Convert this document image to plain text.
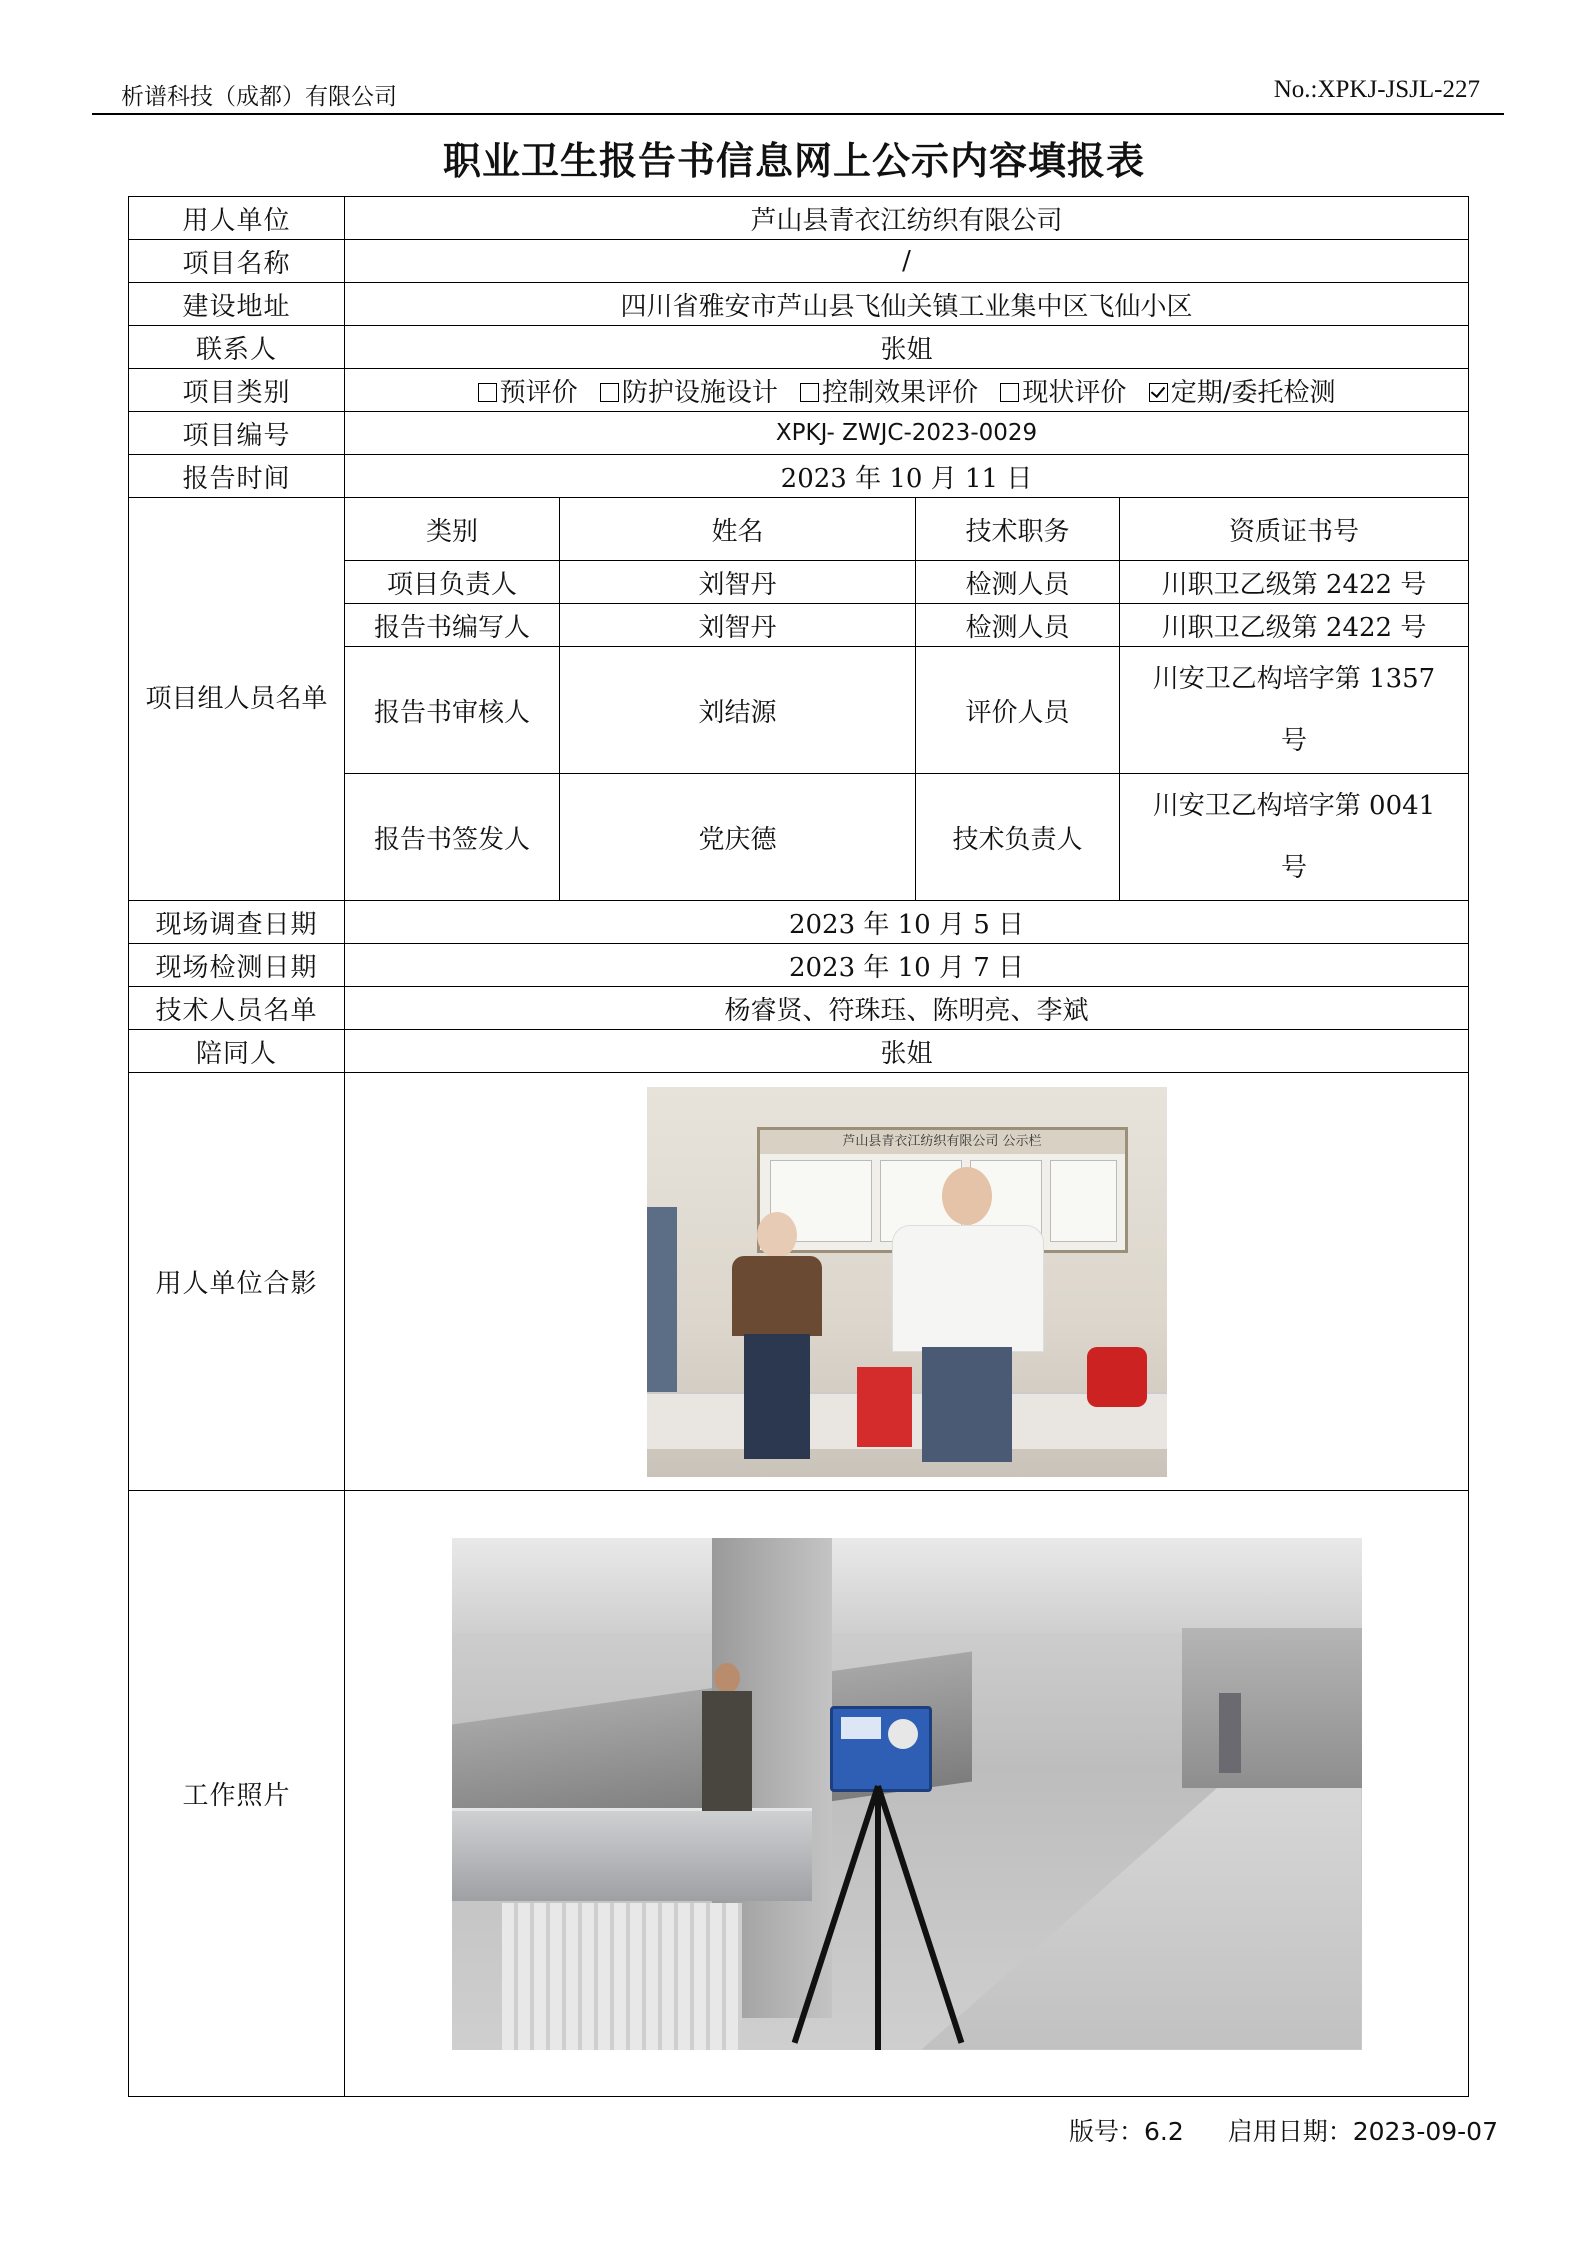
析谱科技（成都）有限公司	No.:XPKJ-JSJL-227
职业卫生报告书信息网上公示内容填报表
用人单位	芦山县青衣江纺织有限公司			
项目名称	/			
建设地址	四川省雅安市芦山县飞仙关镇工业集中区飞仙小区			
联系人	张姐			
项目类别	预评价 防护设施设计 控制效果评价 现状评价 定期/委托检测			
项目编号	XPKJ- ZWJC-2023-0029			
报告时间	2023 年 10 月 11 日			
项目组人员名单	类别	姓名	技术职务	资质证书号
	项目负责人	刘智丹	检测人员	川职卫乙级第 2422 号
	报告书编写人	刘智丹	检测人员	川职卫乙级第 2422 号
	报告书审核人	刘结源	评价人员	川安卫乙构培字第 1357 号
	报告书签发人	党庆德	技术负责人	川安卫乙构培字第 0041 号
现场调查日期	2023 年 10 月 5 日			
现场检测日期	2023 年 10 月 7 日			
技术人员名单	杨睿贤、符珠珏、陈明亮、李斌			
陪同人	张姐			
用人单位合影	芦山县青衣江纺织有限公司 公示栏			

工作照片				
版号：6.2 启用日期：2023-09-07
